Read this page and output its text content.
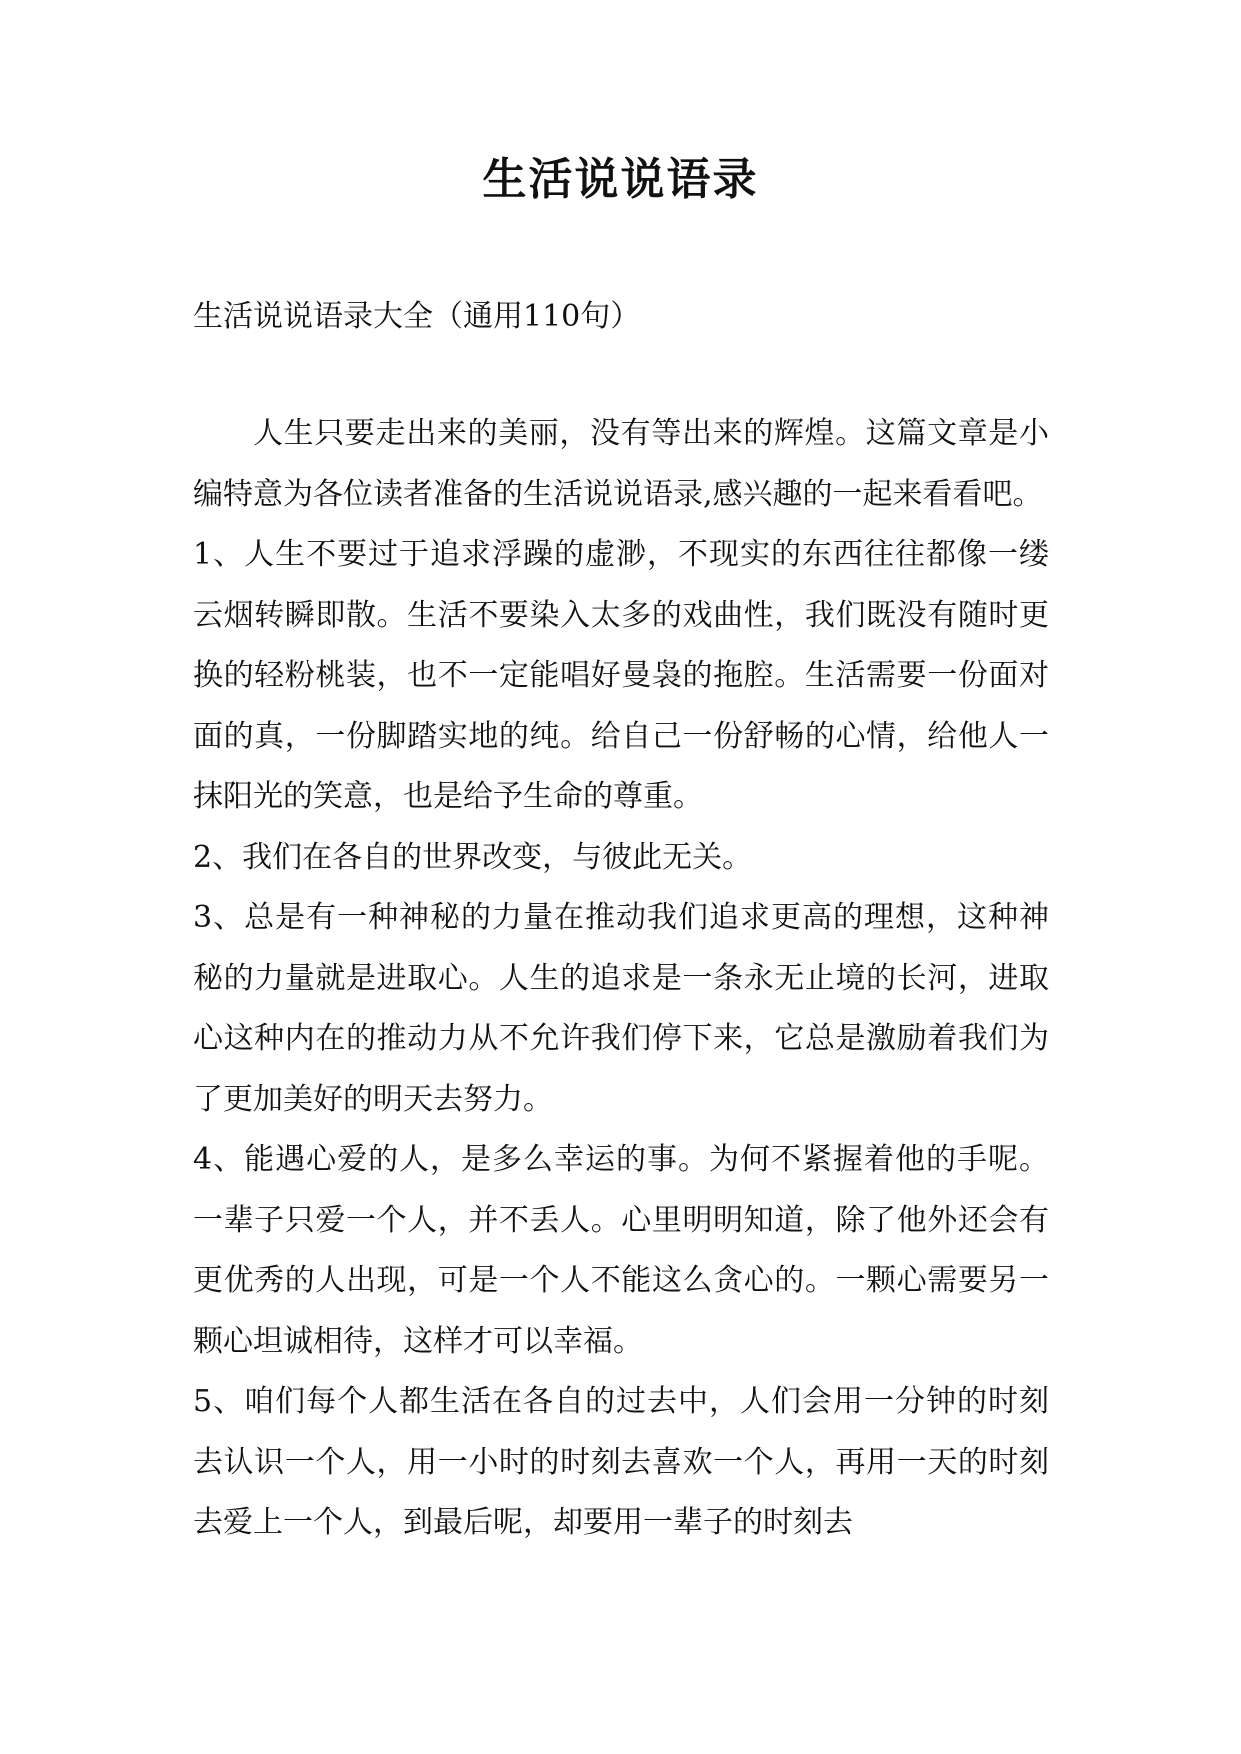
生活说说语录

生活说说语录大全（通用110句）

人生只要走出来的美丽，没有等出来的辉煌。这篇文章是小编特意为各位读者准备的生活说说语录,感兴趣的一起来看看吧。

1、人生不要过于追求浮躁的虚渺，不现实的东西往往都像一缕云烟转瞬即散。生活不要染入太多的戏曲性，我们既没有随时更换的轻粉桃装，也不一定能唱好曼袅的拖腔。生活需要一份面对面的真，一份脚踏实地的纯。给自己一份舒畅的心情，给他人一抹阳光的笑意，也是给予生命的尊重。

2、我们在各自的世界改变，与彼此无关。

3、总是有一种神秘的力量在推动我们追求更高的理想，这种神秘的力量就是进取心。人生的追求是一条永无止境的长河，进取心这种内在的推动力从不允许我们停下来，它总是激励着我们为了更加美好的明天去努力。

4、能遇心爱的人，是多么幸运的事。为何不紧握着他的手呢。一辈子只爱一个人，并不丢人。心里明明知道，除了他外还会有更优秀的人出现，可是一个人不能这么贪心的。一颗心需要另一颗心坦诚相待，这样才可以幸福。

5、咱们每个人都生活在各自的过去中，人们会用一分钟的时刻去认识一个人，用一小时的时刻去喜欢一个人，再用一天的时刻去爱上一个人，到最后呢，却要用一辈子的时刻去
